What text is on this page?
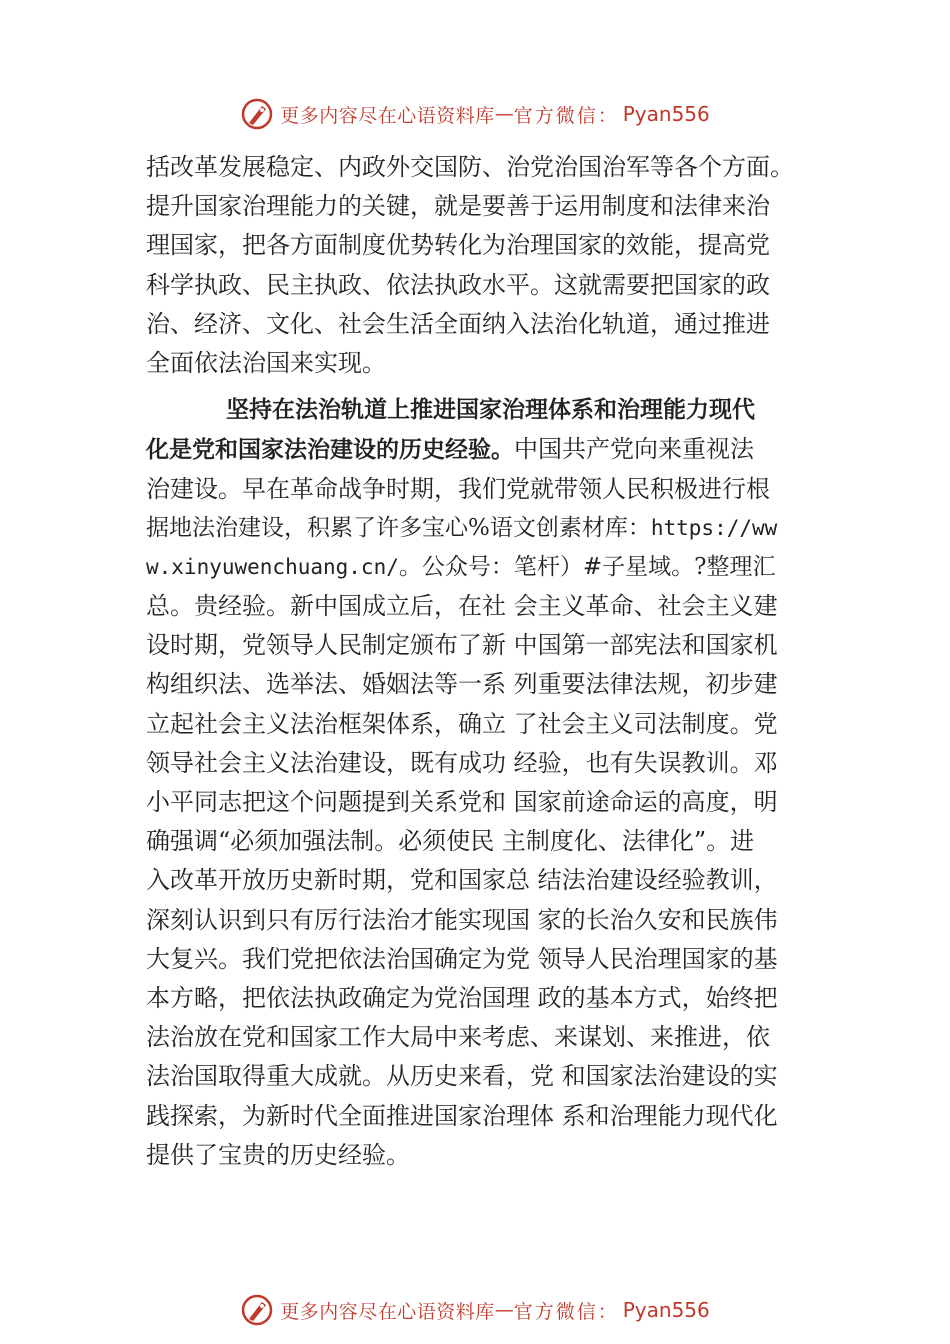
更多内容尽在心语资料库 — 官方微信： Pyan556
括改革发展稳定、内政外交国防、治党治国治军等各个方面。
提升国家治理能力的关键，就是要善于运用制度和法律来治
理国家，把各方面制度优势转化为治理国家的效能，提高党
科学执政、民主执政、依法执政水平。这就需要把国家的政
治、经济、文化、社会生活全面纳入法治化轨道，通过推进
全面依法治国来实现。
坚持在法治轨道上推进国家治理体系和治理能力现代
化是党和国家法治建设的历史经验。中国共产党向来重视法
治建设。早在革命战争时期，我们党就带领人民积极进行根
据地法治建设，积累了许多宝心%语文创素材库：https://ww
w.xinyuwenchuang.cn/。公众号：笔杆）#子星域。?整理汇
总。贵经验。新中国成立后，在社 会主义革命、社会主义建
设时期，党领导人民制定颁布了新 中国第一部宪法和国家机
构组织法、选举法、婚姻法等一系 列重要法律法规，初步建
立起社会主义法治框架体系，确立 了社会主义司法制度。党
领导社会主义法治建设，既有成功 经验，也有失误教训。邓
小平同志把这个问题提到关系党和 国家前途命运的高度，明
确强调“必须加强法制。必须使民 主制度化、法律化”。进
入改革开放历史新时期，党和国家总 结法治建设经验教训，
深刻认识到只有厉行法治才能实现国 家的长治久安和民族伟
大复兴。我们党把依法治国确定为党 领导人民治理国家的基
本方略，把依法执政确定为党治国理 政的基本方式，始终把
法治放在党和国家工作大局中来考虑、来谋划、来推进，依
法治国取得重大成就。从历史来看，党 和国家法治建设的实
践探索，为新时代全面推进国家治理体 系和治理能力现代化
提供了宝贵的历史经验。
更多内容尽在心语资料库 — 官方微信： Pyan556
